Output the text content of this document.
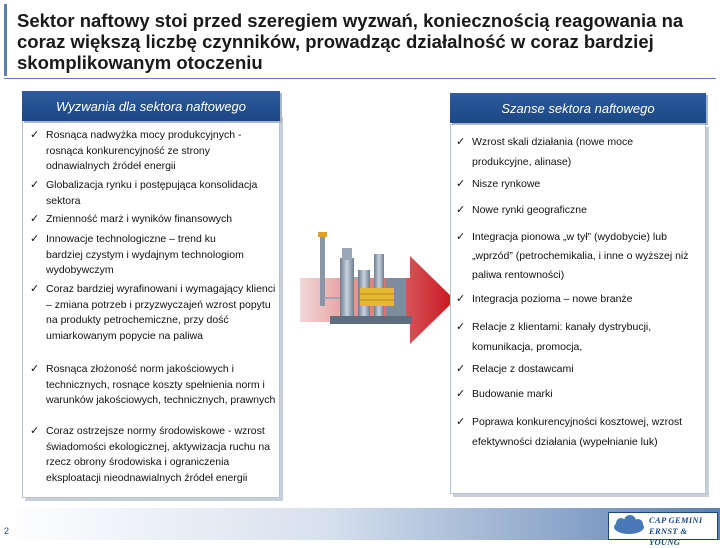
Sektor naftowy stoi przed szeregiem wyzwań, koniecznością reagowania na coraz większą liczbę czynników, prowadząc działalność w coraz bardziej skomplikowanym otoczeniu
Wyzwania dla sektora naftowego
✓ Rosnąca nadwyżka mocy produkcyjnych - rosnąca konkurencyjność ze strony odnawialnych źródeł energii
✓ Globalizacja rynku i postępująca konsolidacja sektora
✓ Zmienność marż i wyników finansowych
✓ Innowacje technologiczne – trend ku bardziej czystym i wydajnym technologiom wydobywczym
✓ Coraz bardziej wyrafinowani i wymagający klienci – zmiana potrzeb i przyzwyczajeń wzrost popytu na produkty petrochemiczne, przy dość umiarkowanym popycie na paliwa
✓ Rosnąca złożoność norm jakościowych i technicznych, rosnące koszty spełnienia norm i warunków jakościowych, technicznych, prawnych
✓ Coraz ostrzejsze normy środowiskowe - wzrost świadomości ekologicznej, aktywizacja ruchu na rzecz obrony środowiska i ograniczenia eksploatacji nieodnawialnych źródeł energii
Szanse sektora naftowego
✓ Wzrost skali działania (nowe moce produkcyjne, alinase)
✓ Nisze rynkowe
✓ Nowe rynki geograficzne
✓ Integracja pionowa „w tył” (wydobycie) lub „wprzód” (petrochemikalia, i inne o wyższej niż paliwa rentowności)
✓ Integracja pozioma – nowe branże
✓ Relacje z klientami: kanały dystrybucji, komunikacja, promocja,
✓ Relacje z dostawcami
✓ Budowanie marki
✓ Poprawa konkurencyjności kosztowej, wzrost efektywności działania (wypełnianie luk)
2
CAP GEMINI
ERNST & YOUNG
